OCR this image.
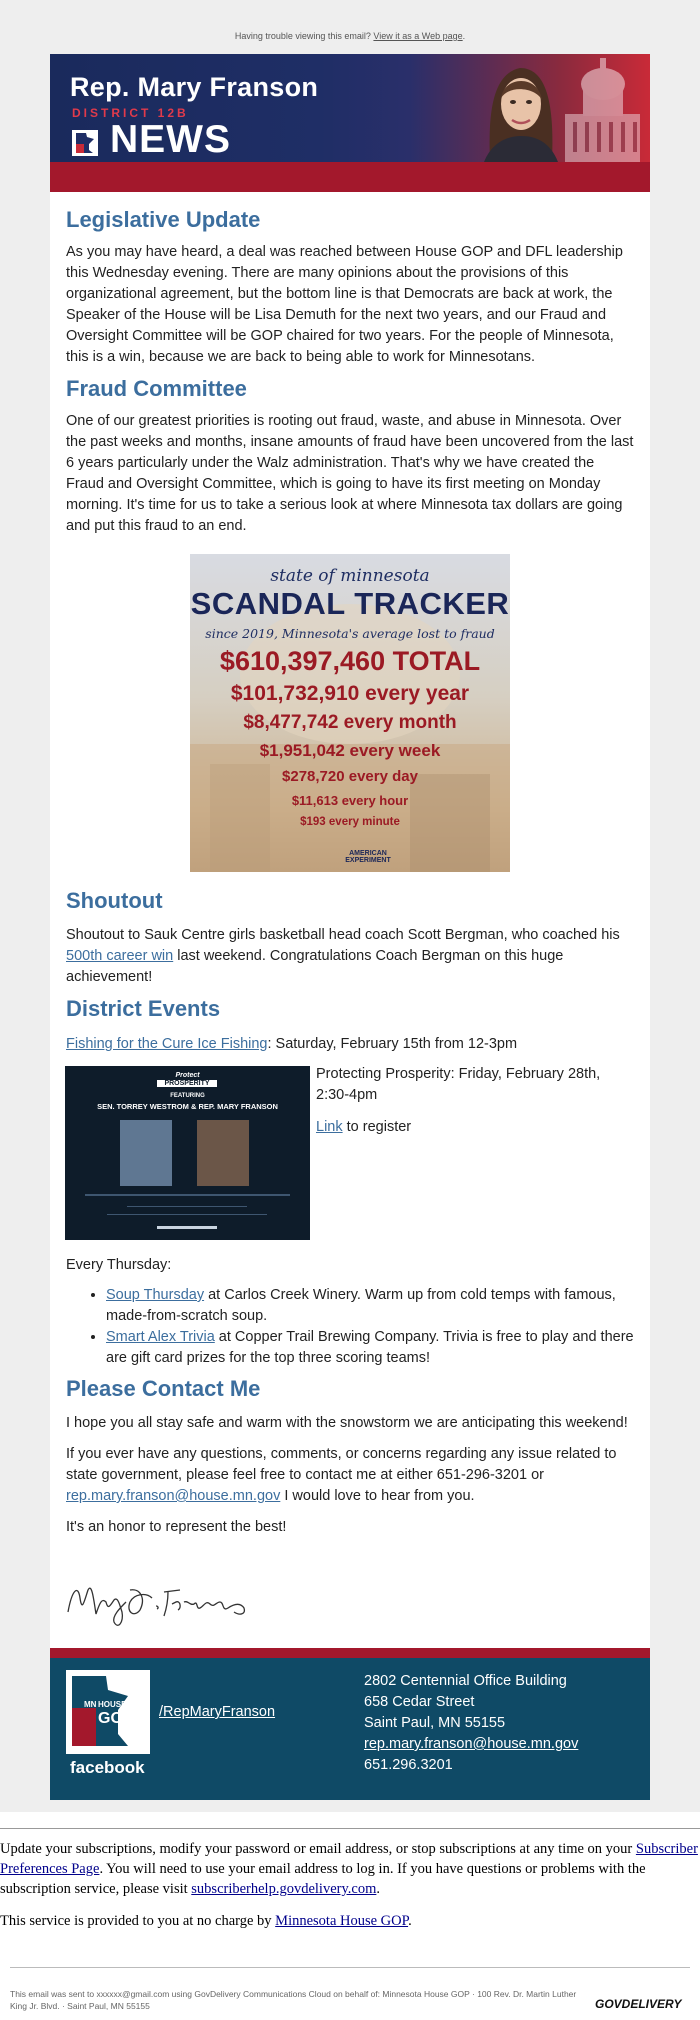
Having trouble viewing this email? View it as a Web page.
Rep. Mary Franson
DISTRICT 12B
NEWS
Legislative Update

As you may have heard, a deal was reached between House GOP and DFL leadership this Wednesday evening. There are many opinions about the provisions of this organizational agreement, but the bottom line is that Democrats are back at work, the Speaker of the House will be Lisa Demuth for the next two years, and our Fraud and Oversight Committee will be GOP chaired for two years. For the people of Minnesota, this is a win, because we are back to being able to work for Minnesotans.

Fraud Committee

One of our greatest priorities is rooting out fraud, waste, and abuse in Minnesota. Over the past weeks and months, insane amounts of fraud have been uncovered from the last 6 years particularly under the Walz administration. That's why we have created the Fraud and Oversight Committee, which is going to have its first meeting on Monday morning. It's time for us to take a serious look at where Minnesota tax dollars are going and put this fraud to an end.

state of minnesota
SCANDAL TRACKER
since 2019, Minnesota's average lost to fraud
$610,397,460 TOTAL
$101,732,910 every year
$8,477,742 every month
$1,951,042 every week
$278,720 every day
$11,613 every hour
$193 every minute
AMERICAN EXPERIMENT
Shoutout

Shoutout to Sauk Centre girls basketball head coach Scott Bergman, who coached his 500th career win last weekend. Congratulations Coach Bergman on this huge achievement!

District Events

Fishing for the Cure Ice Fishing: Saturday, February 15th from 12-3pm

Protect
PROSPERITY
FEATURING
SEN. TORREY WESTROM & REP. MARY FRANSON

Protecting Prosperity: Friday, February 28th, 2:30-4pm

Link to register

Every Thursday:

• Soup Thursday at Carlos Creek Winery. Warm up from cold temps with famous, made-from-scratch soup.
• Smart Alex Trivia at Copper Trail Brewing Company. Trivia is free to play and there are gift card prizes for the top three scoring teams!
Please Contact Me

I hope you all stay safe and warm with the snowstorm we are anticipating this weekend!

If you ever have any questions, comments, or concerns regarding any issue related to state government, please feel free to contact me at either 651-296-3201 or rep.mary.franson@house.mn.gov I would love to hear from you.

It's an honor to represent the best!

MN HOUSE
GOP
facebook
/RepMaryFranson
2802 Centennial Office Building
658 Cedar Street
Saint Paul, MN 55155
rep.mary.franson@house.mn.gov
651.296.3201

Update your subscriptions, modify your password or email address, or stop subscriptions at any time on your Subscriber Preferences Page. You will need to use your email address to log in. If you have questions or problems with the subscription service, please visit subscriberhelp.govdelivery.com.

This service is provided to you at no charge by Minnesota House GOP.

This email was sent to xxxxxx@gmail.com using GovDelivery Communications Cloud on behalf of: Minnesota House GOP · 100 Rev. Dr. Martin Luther King Jr. Blvd. · Saint Paul, MN 55155	GOVDELIVERY
